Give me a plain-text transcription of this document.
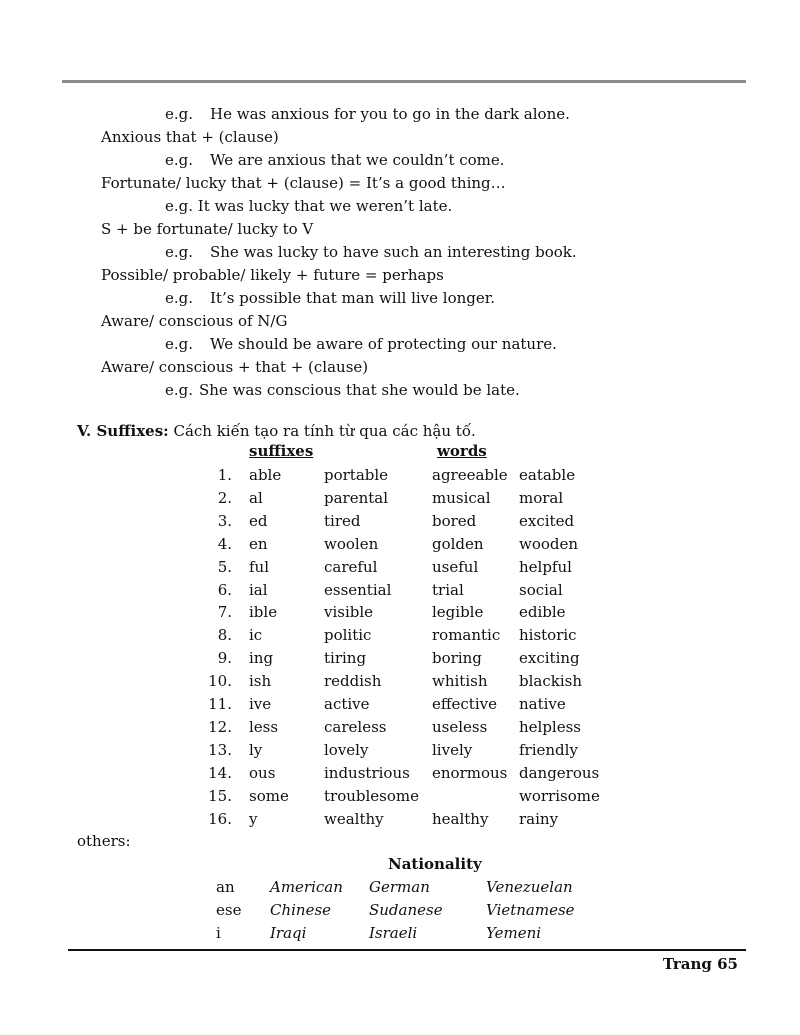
e.g. He was anxious for you to go in the dark alone.
Anxious that + (clause)
e.g. We are anxious that we couldn’t come.
Fortunate/ lucky that + (clause) = It’s a good thing…
e.g. It was lucky that we weren’t late.
S + be fortunate/ lucky to V
e.g. She was lucky to have such an interesting book.
Possible/ probable/ likely + future = perhaps
e.g. It’s possible that man will live longer.
Aware/ conscious of N/G
e.g. We should be aware of protecting our nature.
Aware/ conscious + that + (clause)
e.g. She was conscious that she would be late.
V. Suffixes: Cách kiến tạo ra tính từ qua các hậu tố.
suffixes	words
1.	able	portable	agreeable	eatable
2.	al	parental	musical	moral
3.	ed	tired	bored	excited
4.	en	woolen	golden	wooden
5.	ful	careful	useful	helpful
6.	ial	essential	trial	social
7.	ible	visible	legible	edible
8.	ic	politic	romantic	historic
9.	ing	tiring	boring	exciting
10.	ish	reddish	whitish	blackish
11.	ive	active	effective	native
12.	less	careless	useless	helpless
13.	ly	lovely	lively	friendly
14.	ous	industrious	enormous	dangerous
15.	some	troublesome		worrisome
16.	y	wealthy	healthy	rainy
others:
Nationality
an	American	German	Venezuelan
ese	Chinese	Sudanese	Vietnamese
i	Iraqi	Israeli	Yemeni
Trang 65
